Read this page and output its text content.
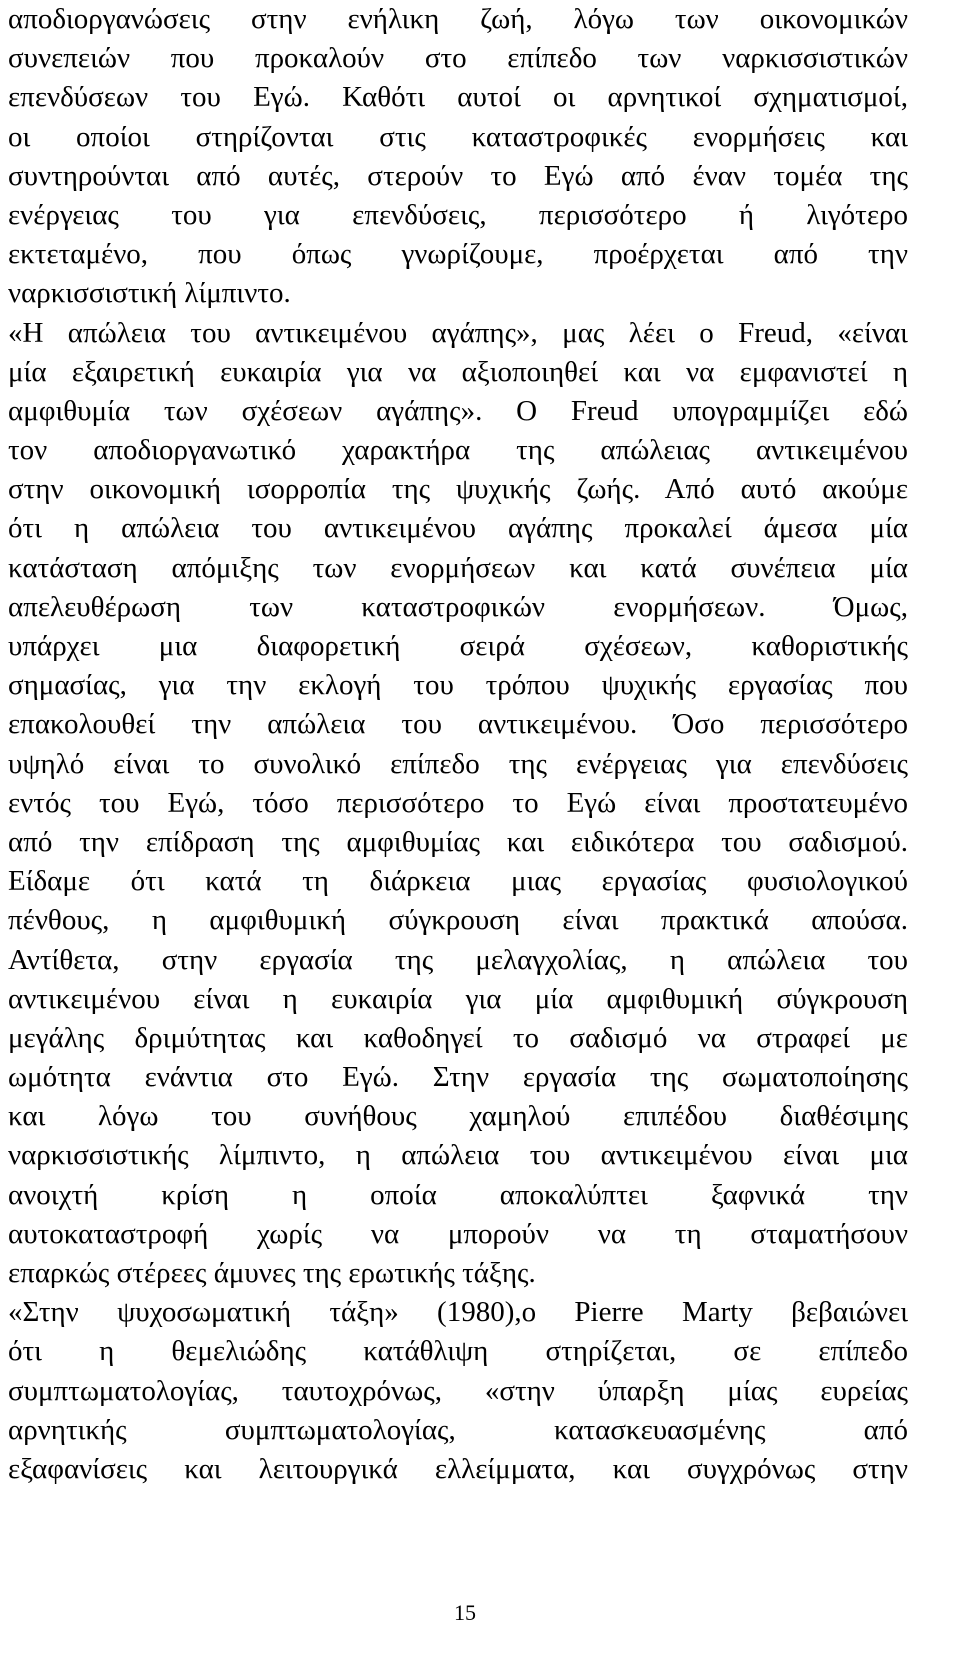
αποδιοργανώσεις στην ενήλικη ζωή, λόγω των οικονομικών
συνεπειών που προκαλούν στο επίπεδο των ναρκισσιστικών
επενδύσεων του Εγώ. Καθότι αυτοί οι αρνητικοί σχηματισμοί,
οι οποίοι στηρίζονται στις καταστροφικές ενορμήσεις και
συντηρούνται από αυτές, στερούν το Εγώ από έναν τομέα της
ενέργειας του για επενδύσεις, περισσότερο ή λιγότερο
εκτεταμένο, που όπως γνωρίζουμε, προέρχεται από την
ναρκισσιστική λίμπιντο.
«Η απώλεια του αντικειμένου αγάπης», μας λέει ο Freud, «είναι
μία εξαιρετική ευκαιρία για να αξιοποιηθεί και να εμφανιστεί η
αμφιθυμία των σχέσεων αγάπης». Ο Freud υπογραμμίζει εδώ
τον αποδιοργανωτικό χαρακτήρα της απώλειας αντικειμένου
στην οικονομική ισορροπία της ψυχικής ζωής. Από αυτό ακούμε
ότι η απώλεια του αντικειμένου αγάπης προκαλεί άμεσα μία
κατάσταση απόμιξης των ενορμήσεων και κατά συνέπεια μία
απελευθέρωση των καταστροφικών ενορμήσεων. Όμως,
υπάρχει μια διαφορετική σειρά σχέσεων, καθοριστικής
σημασίας, για την εκλογή του τρόπου ψυχικής εργασίας που
επακολουθεί την απώλεια του αντικειμένου. Όσο περισσότερο
υψηλό είναι το συνολικό επίπεδο της ενέργειας για επενδύσεις
εντός του Εγώ, τόσο περισσότερο το Εγώ είναι προστατευμένο
από την επίδραση της αμφιθυμίας και ειδικότερα του σαδισμού.
Είδαμε ότι κατά τη διάρκεια μιας εργασίας φυσιολογικού
πένθους, η αμφιθυμική σύγκρουση είναι πρακτικά απούσα.
Αντίθετα, στην εργασία της μελαγχολίας, η απώλεια του
αντικειμένου είναι η ευκαιρία για μία αμφιθυμική σύγκρουση
μεγάλης δριμύτητας και καθοδηγεί το σαδισμό να στραφεί με
ωμότητα ενάντια στο Εγώ. Στην εργασία της σωματοποίησης
και λόγω του συνήθους χαμηλού επιπέδου διαθέσιμης
ναρκισσιστικής λίμπιντο, η απώλεια του αντικειμένου είναι μια
ανοιχτή κρίση η οποία αποκαλύπτει ξαφνικά την
αυτοκαταστροφή χωρίς να μπορούν να τη σταματήσουν
επαρκώς στέρεες άμυνες της ερωτικής τάξης.
«Στην ψυχοσωματική τάξη» (1980),ο Pierre Marty βεβαιώνει
ότι η θεμελιώδης κατάθλιψη στηρίζεται, σε επίπεδο
συμπτωματολογίας, ταυτοχρόνως, «στην ύπαρξη μίας ευρείας
αρνητικής συμπτωματολογίας, κατασκευασμένης από
εξαφανίσεις και λειτουργικά ελλείμματα, και συγχρόνως στην
15
